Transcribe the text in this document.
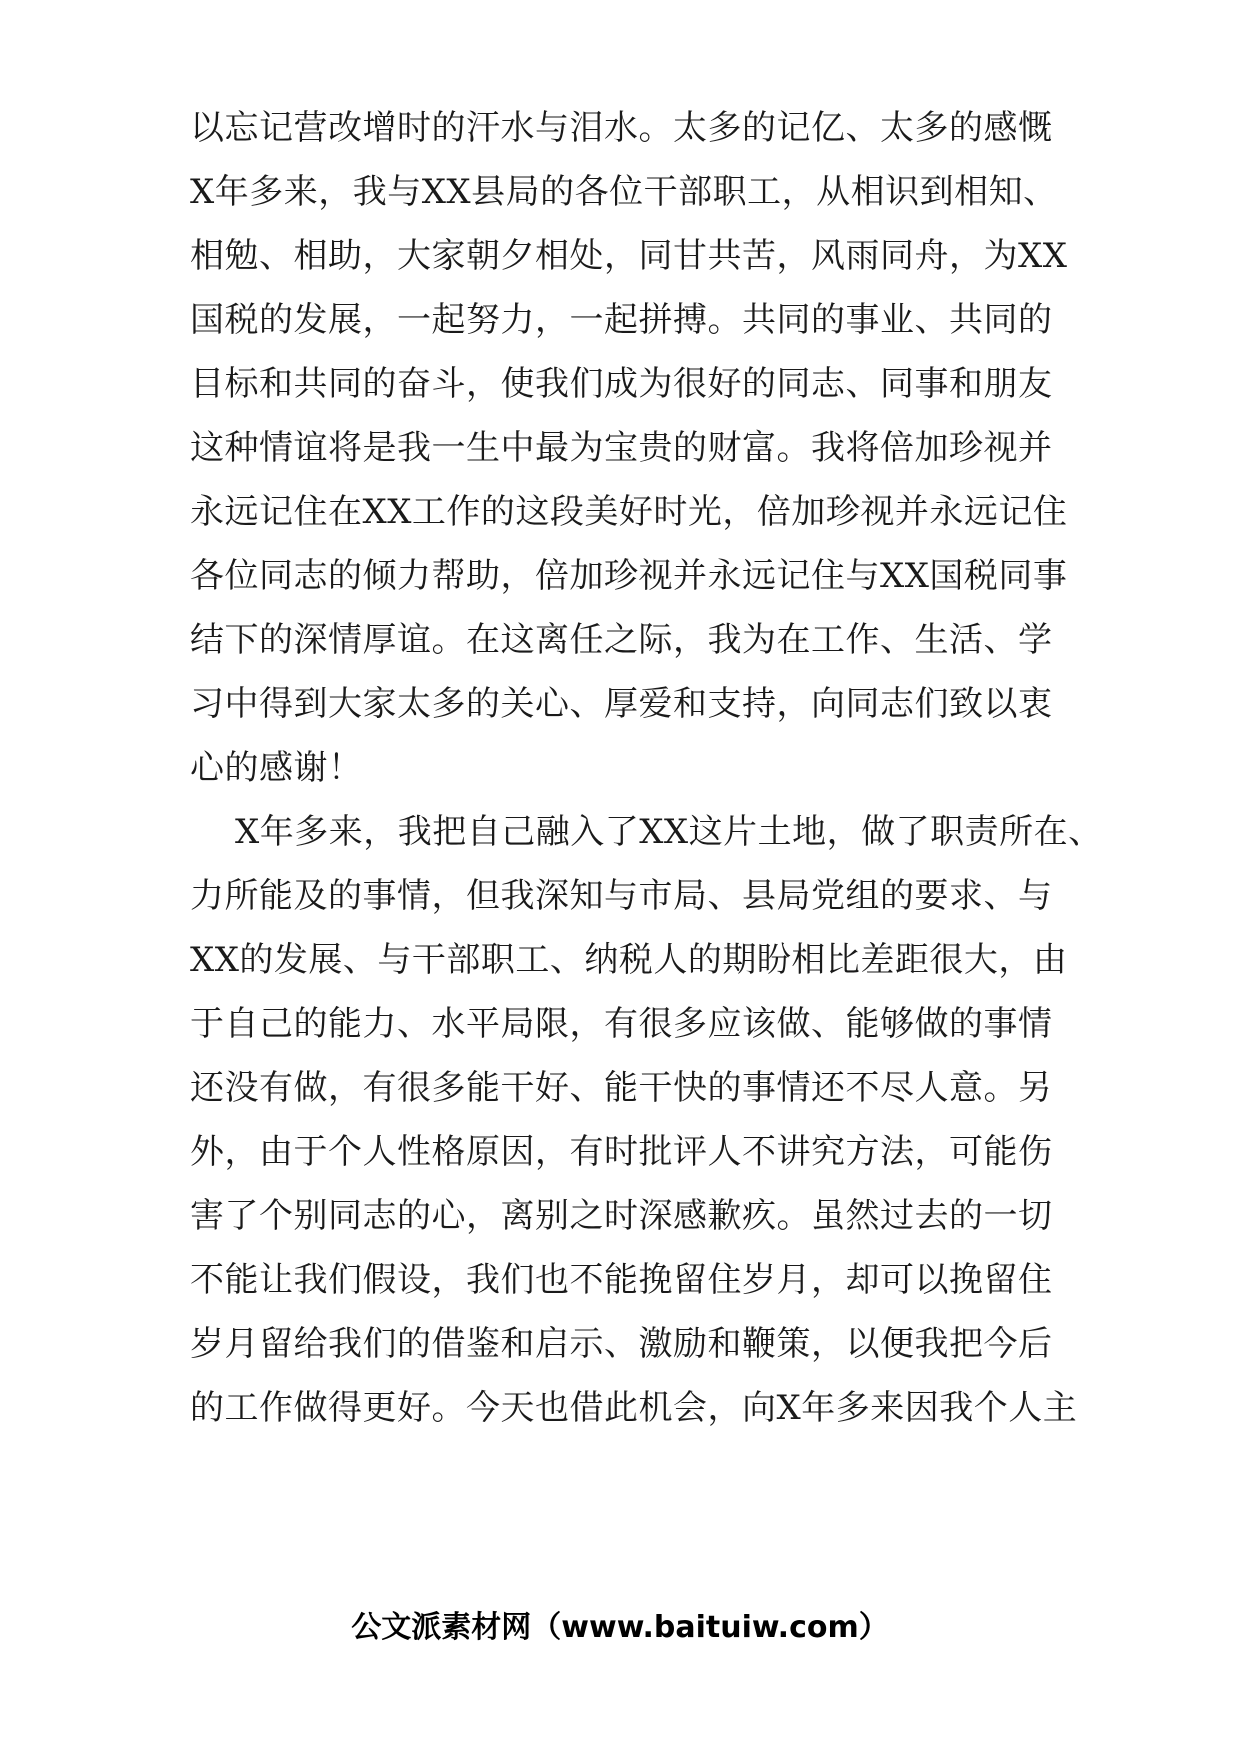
以忘记营改增时的汗水与泪水。太多的记亿、太多的感慨
X年多来，我与XX县局的各位干部职工，从相识到相知、
相勉、相助，大家朝夕相处，同甘共苦，风雨同舟，为XX
国税的发展，一起努力，一起拼搏。共同的事业、共同的
目标和共同的奋斗，使我们成为很好的同志、同事和朋友
这种情谊将是我一生中最为宝贵的财富。我将倍加珍视并
永远记住在XX工作的这段美好时光，倍加珍视并永远记住
各位同志的倾力帮助，倍加珍视并永远记住与XX国税同事
结下的深情厚谊。在这离任之际，我为在工作、生活、学
习中得到大家太多的关心、厚爱和支持，向同志们致以衷
心的感谢！
X年多来，我把自己融入了XX这片土地，做了职责所在、
力所能及的事情，但我深知与市局、县局党组的要求、与
XX的发展、与干部职工、纳税人的期盼相比差距很大，由
于自己的能力、水平局限，有很多应该做、能够做的事情
还没有做，有很多能干好、能干快的事情还不尽人意。另
外，由于个人性格原因，有时批评人不讲究方法，可能伤
害了个别同志的心，离别之时深感歉疚。虽然过去的一切
不能让我们假设，我们也不能挽留住岁月，却可以挽留住
岁月留给我们的借鉴和启示、激励和鞭策，以便我把今后
的工作做得更好。今天也借此机会，向X年多来因我个人主
公文派素材网（www.baituiw.com）
